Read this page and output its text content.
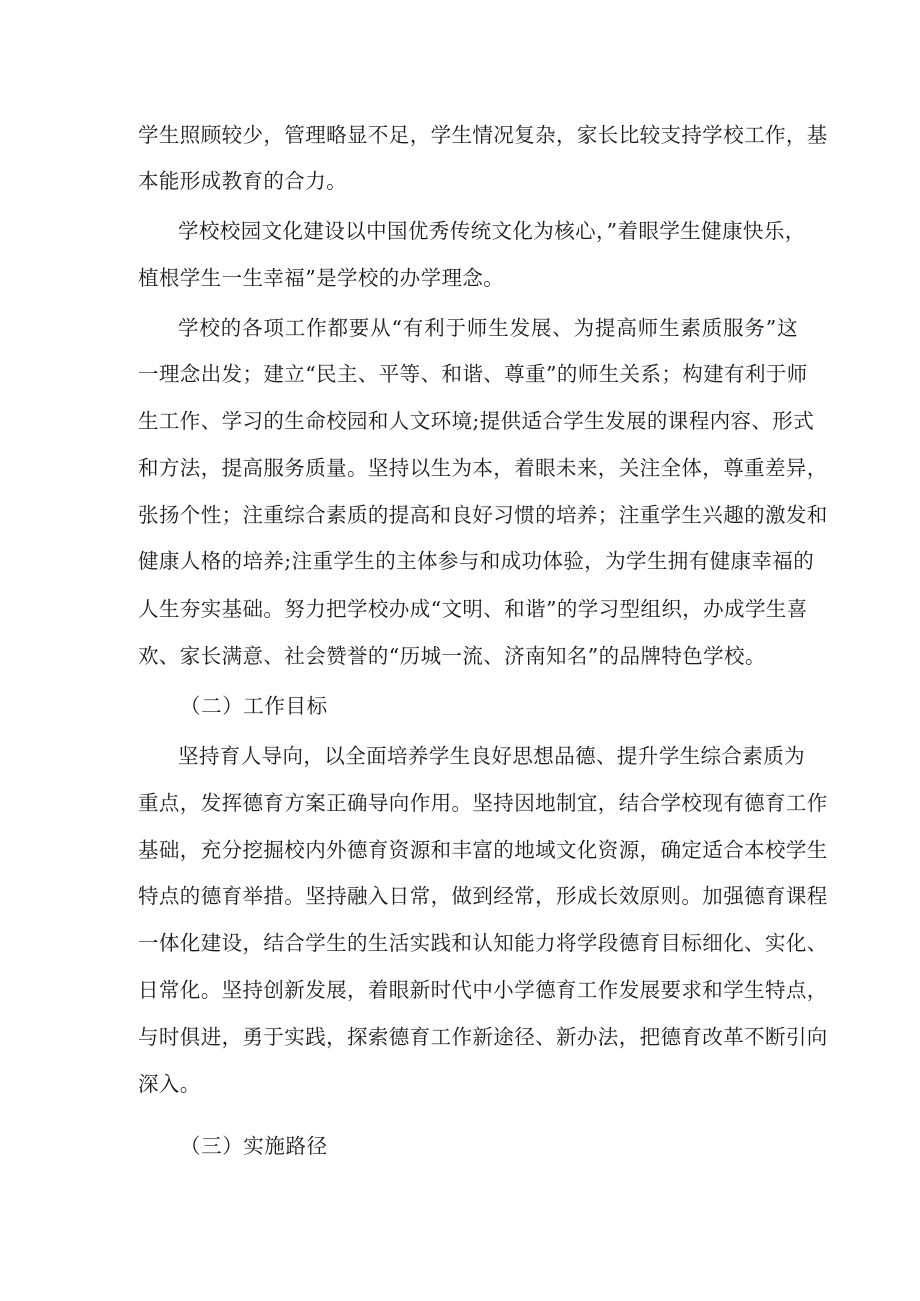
学生照顾较少，管理略显不足，学生情况复杂，家长比较支持学校工作，基
本能形成教育的合力。
学校校园文化建设以中国优秀传统文化为核心，”着眼学生健康快乐，
植根学生一生幸福”是学校的办学理念。
学校的各项工作都要从“有利于师生发展、为提高师生素质服务”这
一理念出发；建立“民主、平等、和谐、尊重”的师生关系；构建有利于师
生工作、学习的生命校园和人文环境;提供适合学生发展的课程内容、形式
和方法，提高服务质量。坚持以生为本，着眼未来，关注全体，尊重差异，
张扬个性；注重综合素质的提高和良好习惯的培养；注重学生兴趣的激发和
健康人格的培养;注重学生的主体参与和成功体验，为学生拥有健康幸福的
人生夯实基础。努力把学校办成“文明、和谐”的学习型组织，办成学生喜
欢、家长满意、社会赞誉的“历城一流、济南知名”的品牌特色学校。
（二）工作目标
坚持育人导向，以全面培养学生良好思想品德、提升学生综合素质为
重点，发挥德育方案正确导向作用。坚持因地制宜，结合学校现有德育工作
基础，充分挖掘校内外德育资源和丰富的地域文化资源，确定适合本校学生
特点的德育举措。坚持融入日常，做到经常，形成长效原则。加强德育课程
一体化建设，结合学生的生活实践和认知能力将学段德育目标细化、实化、
日常化。坚持创新发展，着眼新时代中小学德育工作发展要求和学生特点，
与时俱进，勇于实践，探索德育工作新途径、新办法，把德育改革不断引向
深入。
（三）实施路径
